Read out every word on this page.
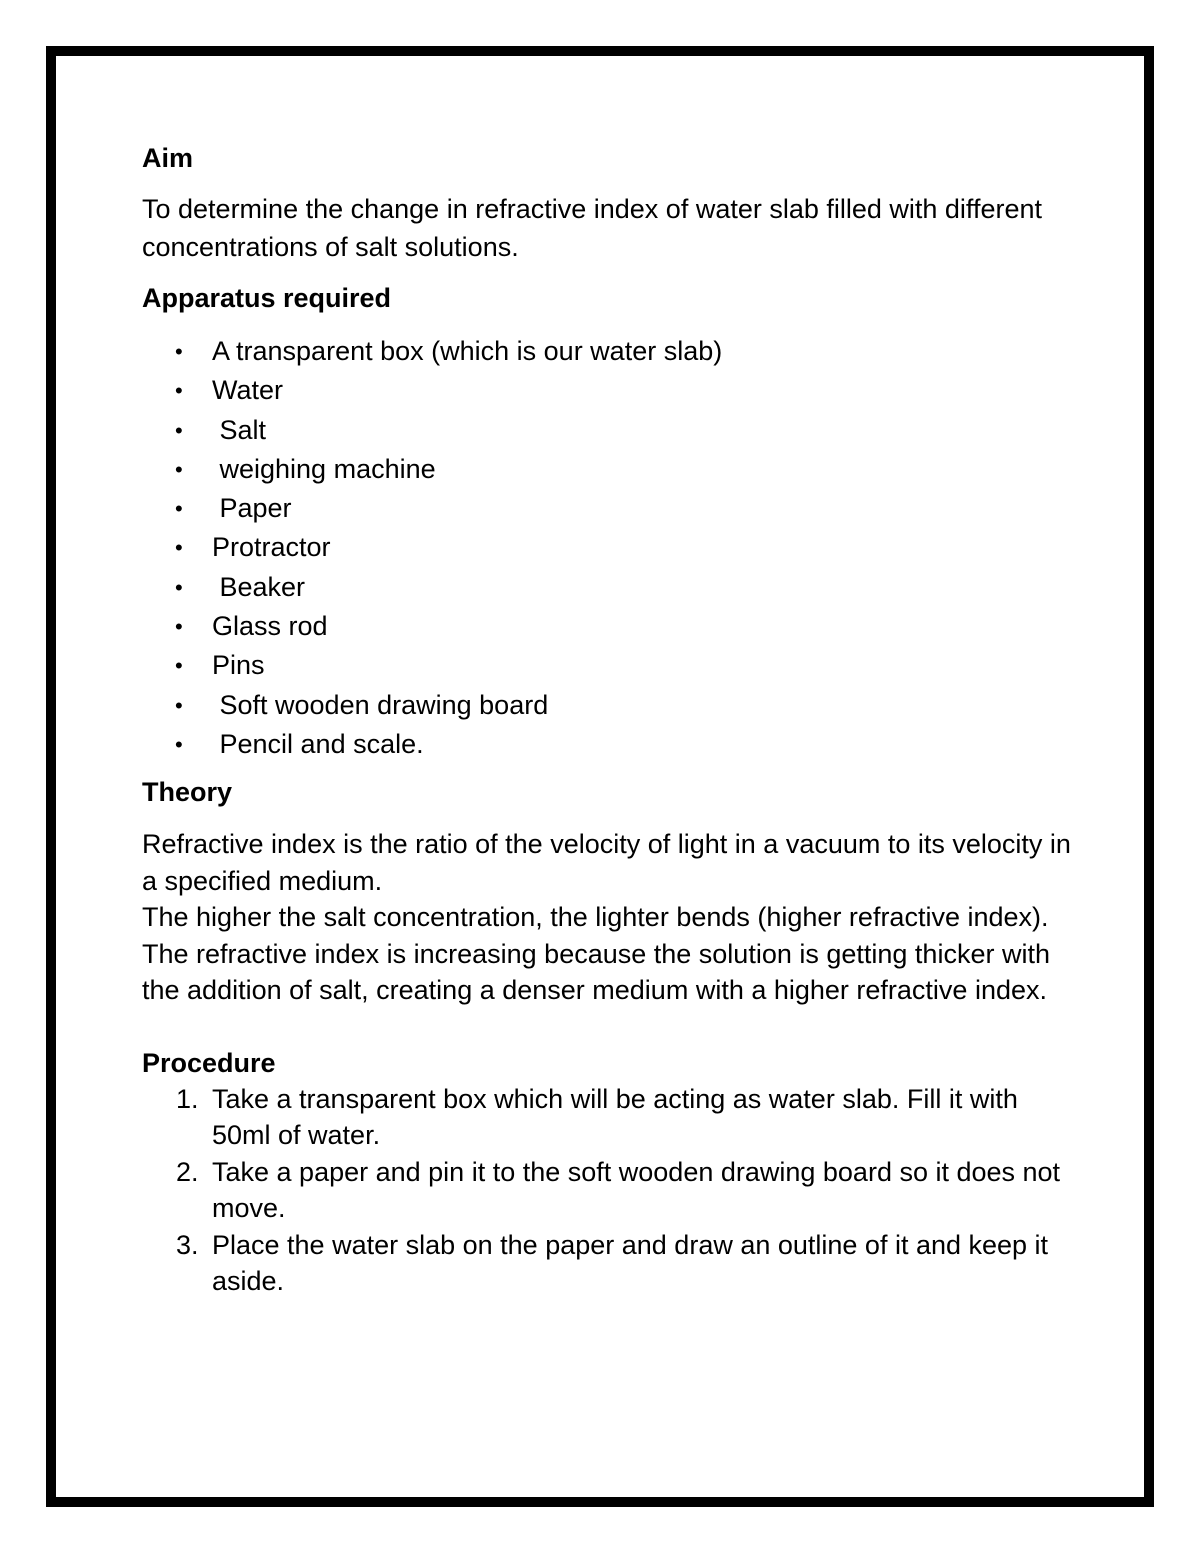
Aim

To determine the change in refractive index of water slab filled with different concentrations of salt solutions.

Apparatus required

• A transparent box (which is our water slab)
• Water
• Salt
• weighing machine
• Paper
• Protractor
• Beaker
• Glass rod
• Pins
• Soft wooden drawing board
• Pencil and scale.

Theory

Refractive index is the ratio of the velocity of light in a vacuum to its velocity in a specified medium.

The higher the salt concentration, the lighter bends (higher refractive index). The refractive index is increasing because the solution is getting thicker with the addition of salt, creating a denser medium with a higher refractive index.

Procedure

1. Take a transparent box which will be acting as water slab. Fill it with 50ml of water.
2. Take a paper and pin it to the soft wooden drawing board so it does not move.
3. Place the water slab on the paper and draw an outline of it and keep it aside.
